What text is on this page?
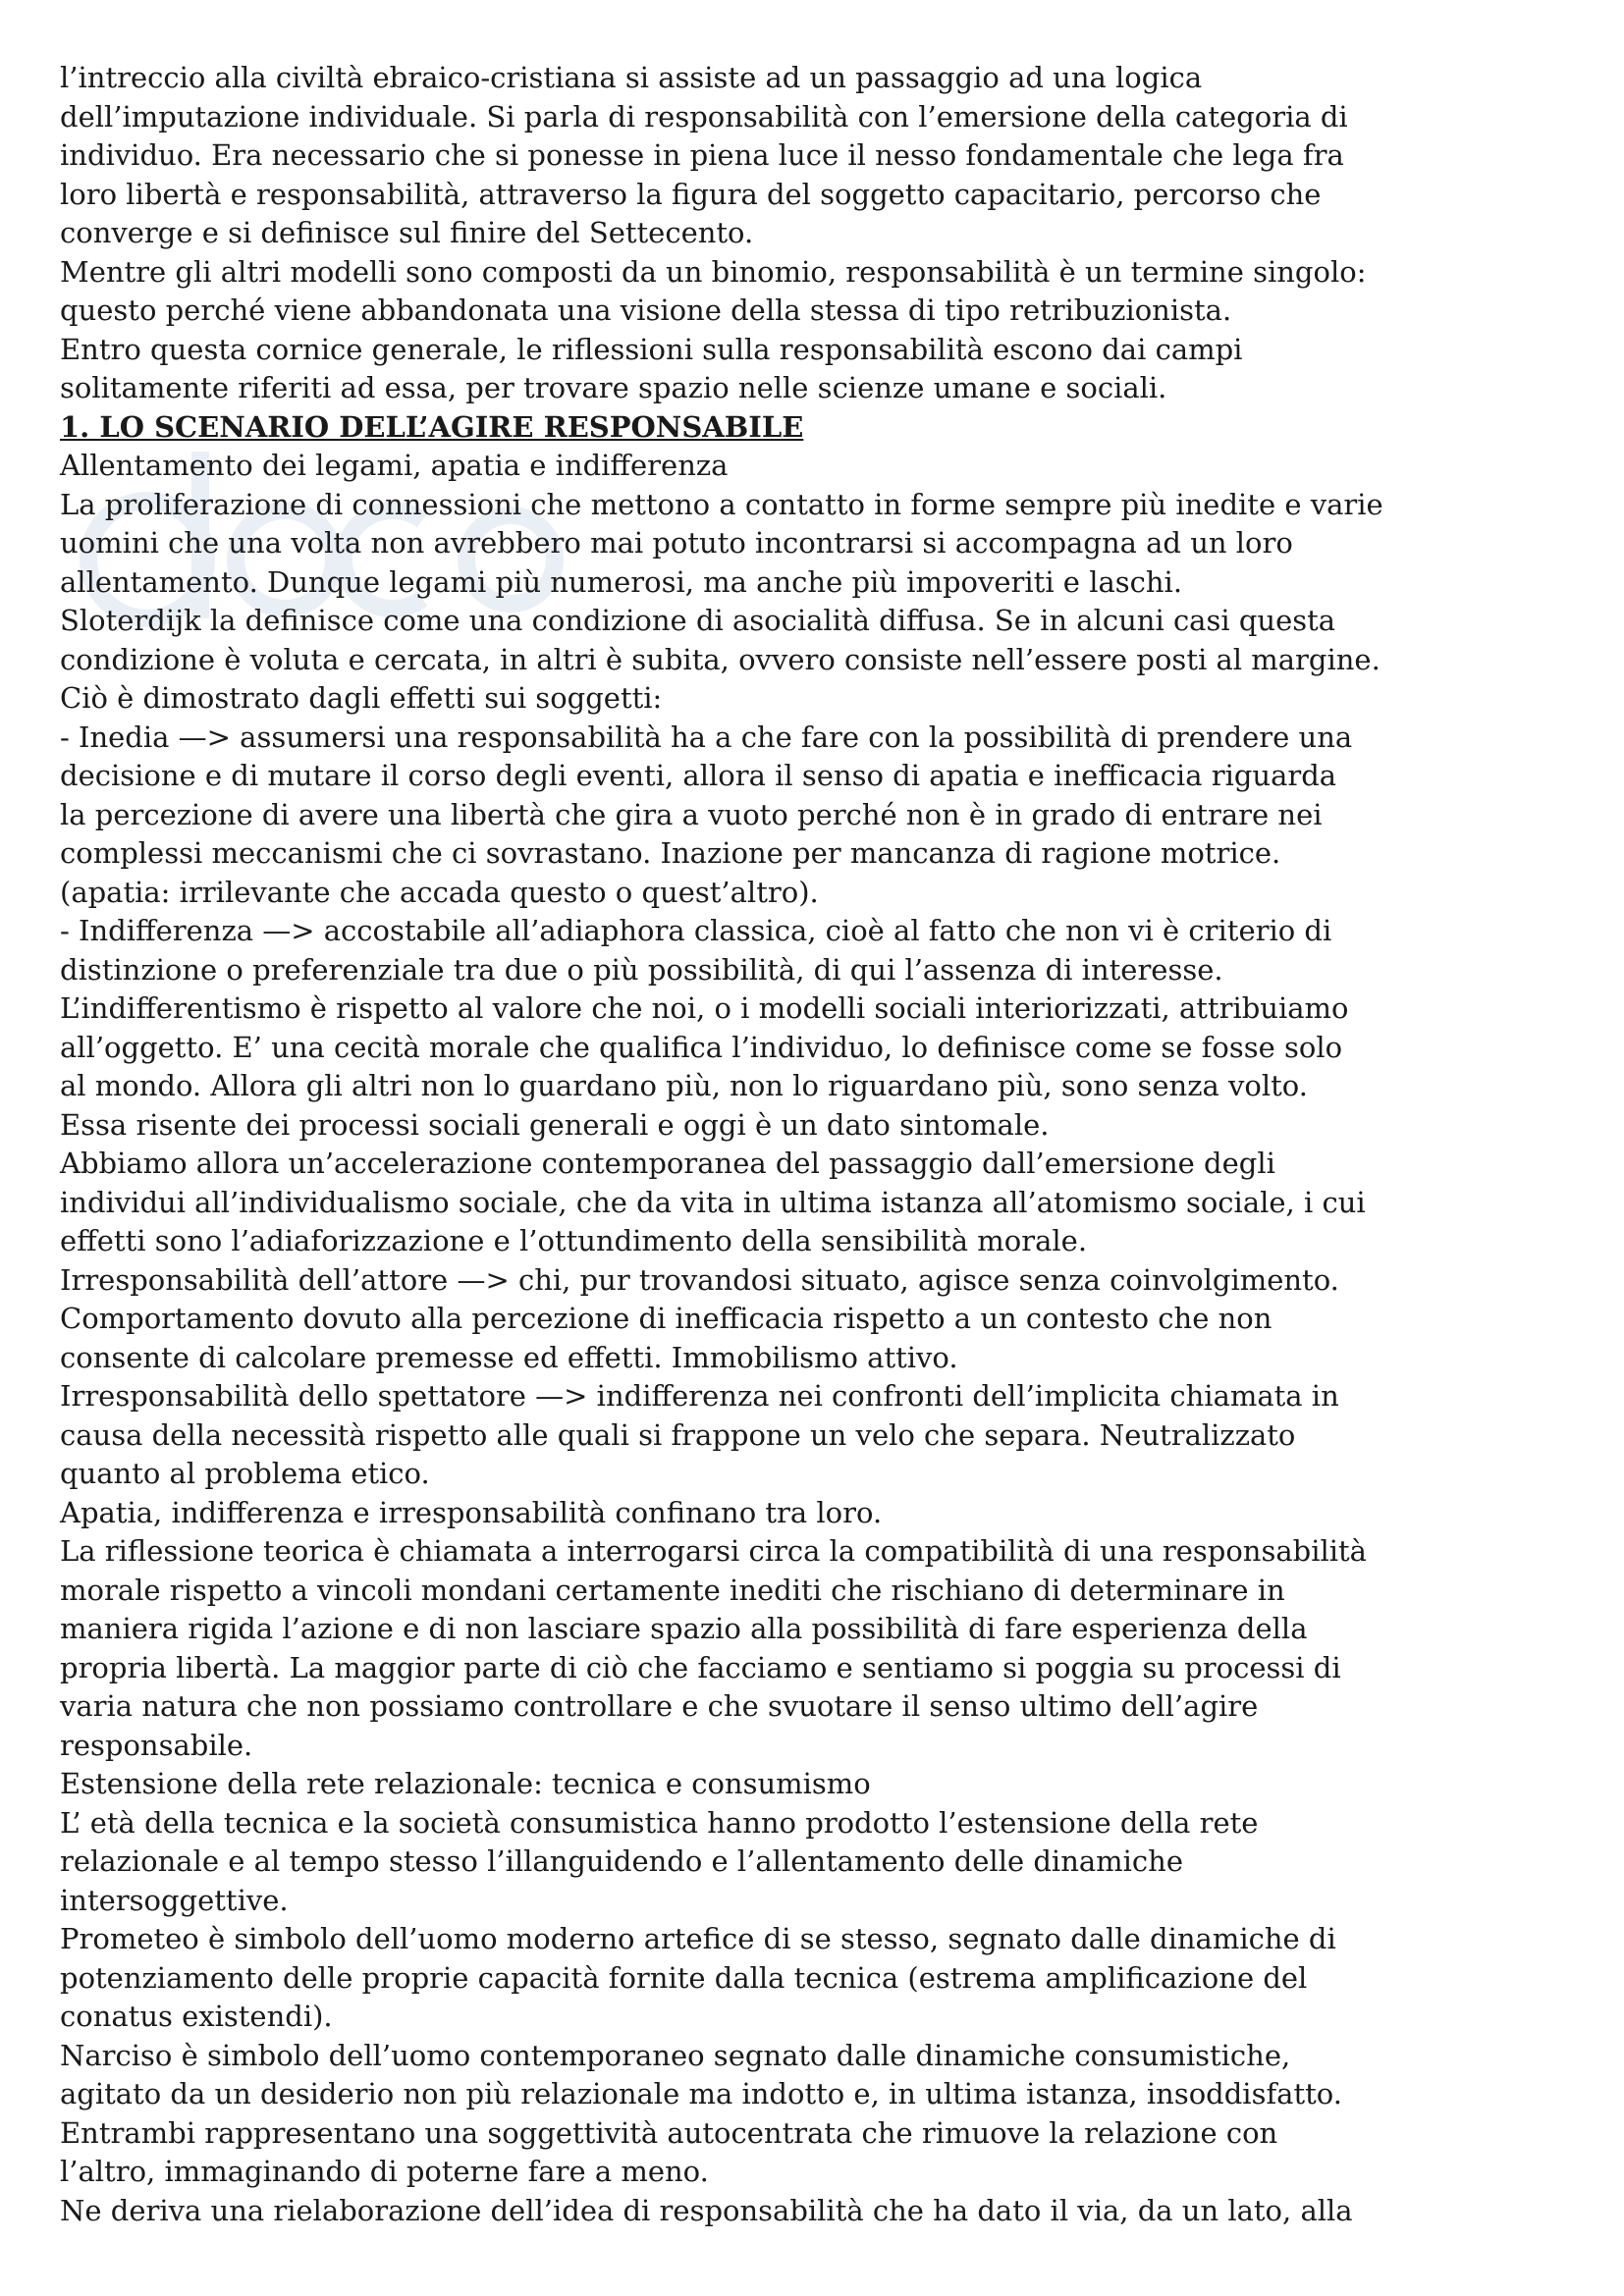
l’intreccio alla civiltà ebraico-cristiana si assiste ad un passaggio ad una logica
dell’imputazione individuale. Si parla di responsabilità con l’emersione della categoria di
individuo. Era necessario che si ponesse in piena luce il nesso fondamentale che lega fra
loro libertà e responsabilità, attraverso la figura del soggetto capacitario, percorso che
converge e si definisce sul finire del Settecento.
Mentre gli altri modelli sono composti da un binomio, responsabilità è un termine singolo:
questo perché viene abbandonata una visione della stessa di tipo retribuzionista.
Entro questa cornice generale, le riflessioni sulla responsabilità escono dai campi
solitamente riferiti ad essa, per trovare spazio nelle scienze umane e sociali.
1. LO SCENARIO DELL’AGIRE RESPONSABILE
Allentamento dei legami, apatia e indifferenza
La proliferazione di connessioni che mettono a contatto in forme sempre più inedite e varie
uomini che una volta non avrebbero mai potuto incontrarsi si accompagna ad un loro
allentamento. Dunque legami più numerosi, ma anche più impoveriti e laschi.
Sloterdijk la definisce come una condizione di asocialità diffusa. Se in alcuni casi questa
condizione è voluta e cercata, in altri è subita, ovvero consiste nell’essere posti al margine.
Ciò è dimostrato dagli effetti sui soggetti:
- Inedia —> assumersi una responsabilità ha a che fare con la possibilità di prendere una
decisione e di mutare il corso degli eventi, allora il senso di apatia e inefficacia riguarda
la percezione di avere una libertà che gira a vuoto perché non è in grado di entrare nei
complessi meccanismi che ci sovrastano. Inazione per mancanza di ragione motrice.
(apatia: irrilevante che accada questo o quest’altro).
- Indifferenza —> accostabile all’adiaphora classica, cioè al fatto che non vi è criterio di
distinzione o preferenziale tra due o più possibilità, di qui l’assenza di interesse.
L’indifferentismo è rispetto al valore che noi, o i modelli sociali interiorizzati, attribuiamo
all’oggetto. E’ una cecità morale che qualifica l’individuo, lo definisce come se fosse solo
al mondo. Allora gli altri non lo guardano più, non lo riguardano più, sono senza volto.
Essa risente dei processi sociali generali e oggi è un dato sintomale.
Abbiamo allora un’accelerazione contemporanea del passaggio dall’emersione degli
individui all’individualismo sociale, che da vita in ultima istanza all’atomismo sociale, i cui
effetti sono l’adiaforizzazione e l’ottundimento della sensibilità morale.
Irresponsabilità dell’attore —> chi, pur trovandosi situato, agisce senza coinvolgimento.
Comportamento dovuto alla percezione di inefficacia rispetto a un contesto che non
consente di calcolare premesse ed effetti. Immobilismo attivo.
Irresponsabilità dello spettatore —> indifferenza nei confronti dell’implicita chiamata in
causa della necessità rispetto alle quali si frappone un velo che separa. Neutralizzato
quanto al problema etico.
Apatia, indifferenza e irresponsabilità confinano tra loro.
La riflessione teorica è chiamata a interrogarsi circa la compatibilità di una responsabilità
morale rispetto a vincoli mondani certamente inediti che rischiano di determinare in
maniera rigida l’azione e di non lasciare spazio alla possibilità di fare esperienza della
propria libertà. La maggior parte di ciò che facciamo e sentiamo si poggia su processi di
varia natura che non possiamo controllare e che svuotare il senso ultimo dell’agire
responsabile.
Estensione della rete relazionale: tecnica e consumismo
L’ età della tecnica e la società consumistica hanno prodotto l’estensione della rete
relazionale e al tempo stesso l’illanguidendo e l’allentamento delle dinamiche
intersoggettive.
Prometeo è simbolo dell’uomo moderno artefice di se stesso, segnato dalle dinamiche di
potenziamento delle proprie capacità fornite dalla tecnica (estrema amplificazione del
conatus existendi).
Narciso è simbolo dell’uomo contemporaneo segnato dalle dinamiche consumistiche,
agitato da un desiderio non più relazionale ma indotto e, in ultima istanza, insoddisfatto.
Entrambi rappresentano una soggettività autocentrata che rimuove la relazione con
l’altro, immaginando di poterne fare a meno.
Ne deriva una rielaborazione dell’idea di responsabilità che ha dato il via, da un lato, alla
